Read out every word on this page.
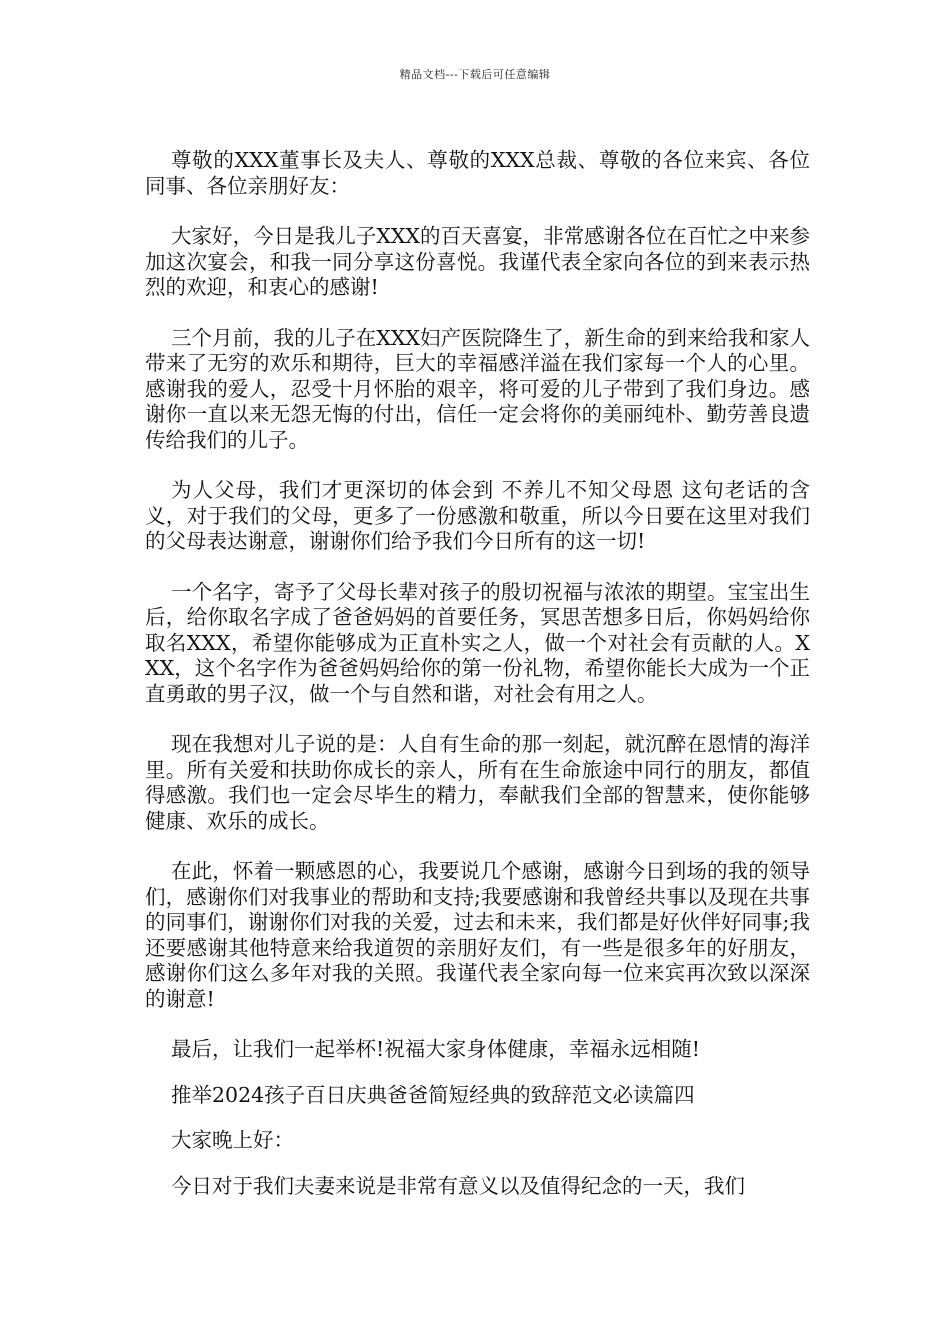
精品文档---下载后可任意编辑

尊敬的XXX董事长及夫人、尊敬的XXX总裁、尊敬的各位来宾、各位同事、各位亲朋好友：

大家好，今日是我儿子XXX的百天喜宴，非常感谢各位在百忙之中来参加这次宴会，和我一同分享这份喜悦。我谨代表全家向各位的到来表示热烈的欢迎，和衷心的感谢!

三个月前，我的儿子在XXX妇产医院降生了，新生命的到来给我和家人带来了无穷的欢乐和期待，巨大的幸福感洋溢在我们家每一个人的心里。感谢我的爱人，忍受十月怀胎的艰辛，将可爱的儿子带到了我们身边。感谢你一直以来无怨无悔的付出，信任一定会将你的美丽纯朴、勤劳善良遗传给我们的儿子。

为人父母，我们才更深切的体会到 不养儿不知父母恩 这句老话的含义，对于我们的父母，更多了一份感激和敬重，所以今日要在这里对我们的父母表达谢意，谢谢你们给予我们今日所有的这一切!

一个名字，寄予了父母长辈对孩子的殷切祝福与浓浓的期望。宝宝出生后，给你取名字成了爸爸妈妈的首要任务，冥思苦想多日后，你妈妈给你取名XXX，希望你能够成为正直朴实之人，做一个对社会有贡献的人。XXX，这个名字作为爸爸妈妈给你的第一份礼物，希望你能长大成为一个正直勇敢的男子汉，做一个与自然和谐，对社会有用之人。

现在我想对儿子说的是：人自有生命的那一刻起，就沉醉在恩情的海洋里。所有关爱和扶助你成长的亲人，所有在生命旅途中同行的朋友，都值得感激。我们也一定会尽毕生的精力，奉献我们全部的智慧来，使你能够健康、欢乐的成长。

在此，怀着一颗感恩的心，我要说几个感谢，感谢今日到场的我的领导们，感谢你们对我事业的帮助和支持;我要感谢和我曾经共事以及现在共事的同事们，谢谢你们对我的关爱，过去和未来，我们都是好伙伴好同事;我还要感谢其他特意来给我道贺的亲朋好友们，有一些是很多年的好朋友，感谢你们这么多年对我的关照。我谨代表全家向每一位来宾再次致以深深的谢意!

最后，让我们一起举杯!祝福大家身体健康，幸福永远相随!

推举2024孩子百日庆典爸爸简短经典的致辞范文必读篇四

大家晚上好：

今日对于我们夫妻来说是非常有意义以及值得纪念的一天，我们
